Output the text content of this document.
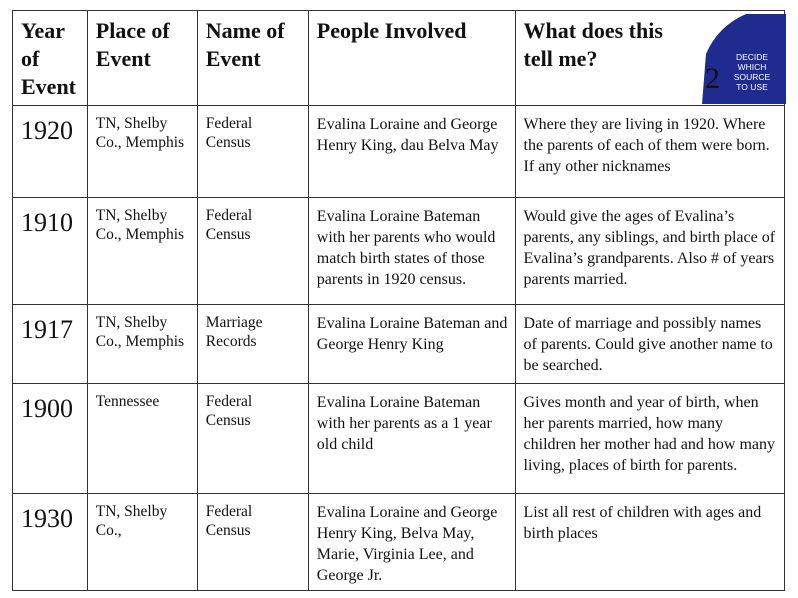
Year of Event	Place of Event	Name of Event	People Involved	What does this tell me?
1920	TN, Shelby Co., Memphis	Federal Census	Evalina Loraine and George Henry King, dau Belva May	Where they are living in 1920. Where the parents of each of them were born. If any other nicknames
1910	TN, Shelby Co., Memphis	Federal Census	Evalina Loraine Bateman with her parents who would match birth states of those parents in 1920 census.	Would give the ages of Evalina’s parents, any siblings, and birth place of Evalina’s grandparents. Also # of years parents married.
1917	TN, Shelby Co., Memphis	Marriage Records	Evalina Loraine Bateman and George Henry King	Date of marriage and possibly names of parents. Could give another name to be searched.
1900	Tennessee	Federal Census	Evalina Loraine Bateman with her parents as a 1 year old child	Gives month and year of birth, when her parents married, how many children her mother had and how many living, places of birth for parents.
1930	TN, Shelby Co.,	Federal Census	Evalina Loraine and George Henry King, Belva May, Marie, Virginia Lee, and George Jr.	List all rest of children with ages and birth places
2
DECIDE
WHICH
SOURCE
TO USE
